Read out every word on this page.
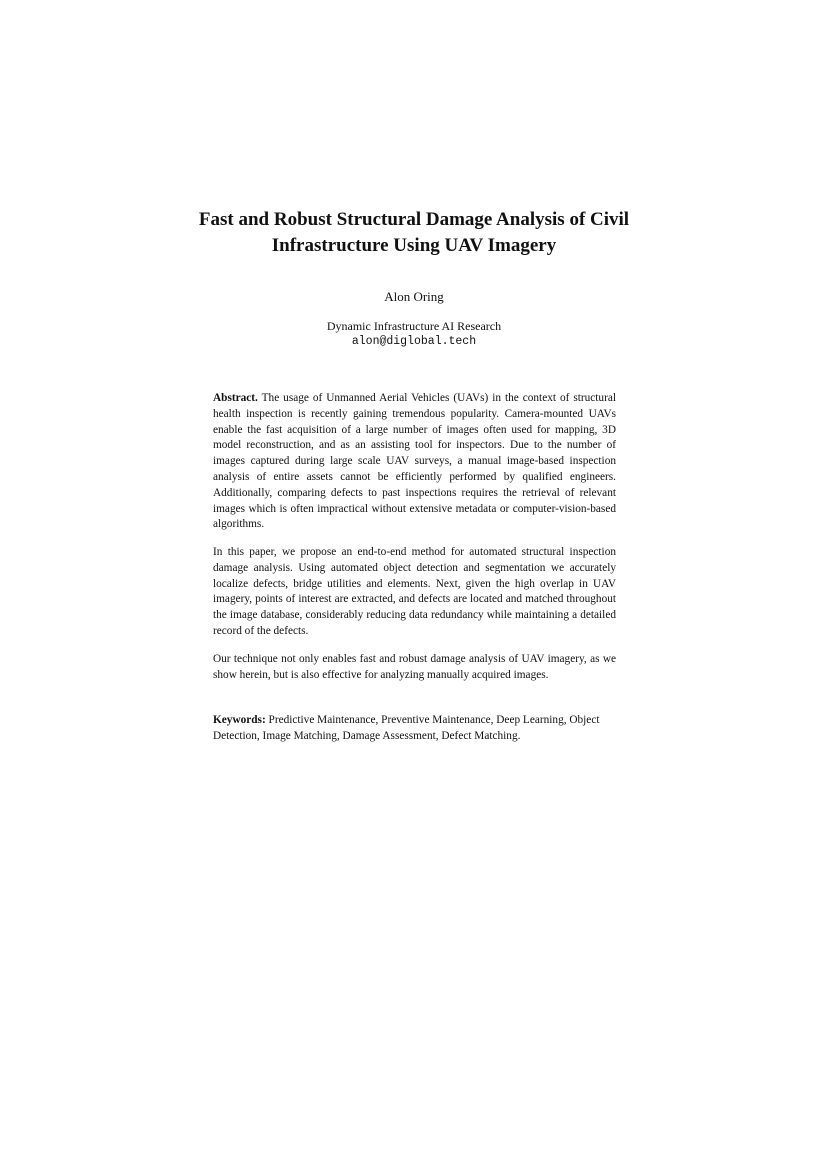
Fast and Robust Structural Damage Analysis of Civil Infrastructure Using UAV Imagery
Alon Oring
Dynamic Infrastructure AI Research
alon@diglobal.tech

Abstract. The usage of Unmanned Aerial Vehicles (UAVs) in the context of structural health inspection is recently gaining tremendous popularity. Camera-mounted UAVs enable the fast acquisition of a large number of images often used for mapping, 3D model reconstruction, and as an assisting tool for inspectors. Due to the number of images captured during large scale UAV surveys, a manual image-based inspection analysis of entire assets cannot be efficiently performed by qualified engineers. Additionally, comparing defects to past inspections requires the retrieval of relevant images which is often impractical without extensive metadata or computer-vision-based algorithms.

In this paper, we propose an end-to-end method for automated structural inspection damage analysis. Using automated object detection and segmentation we accurately localize defects, bridge utilities and elements. Next, given the high overlap in UAV imagery, points of interest are extracted, and defects are located and matched throughout the image database, considerably reducing data redundancy while maintaining a detailed record of the defects.

Our technique not only enables fast and robust damage analysis of UAV imagery, as we show herein, but is also effective for analyzing manually acquired images.

Keywords: Predictive Maintenance, Preventive Maintenance, Deep Learning, Object Detection, Image Matching, Damage Assessment, Defect Matching.
